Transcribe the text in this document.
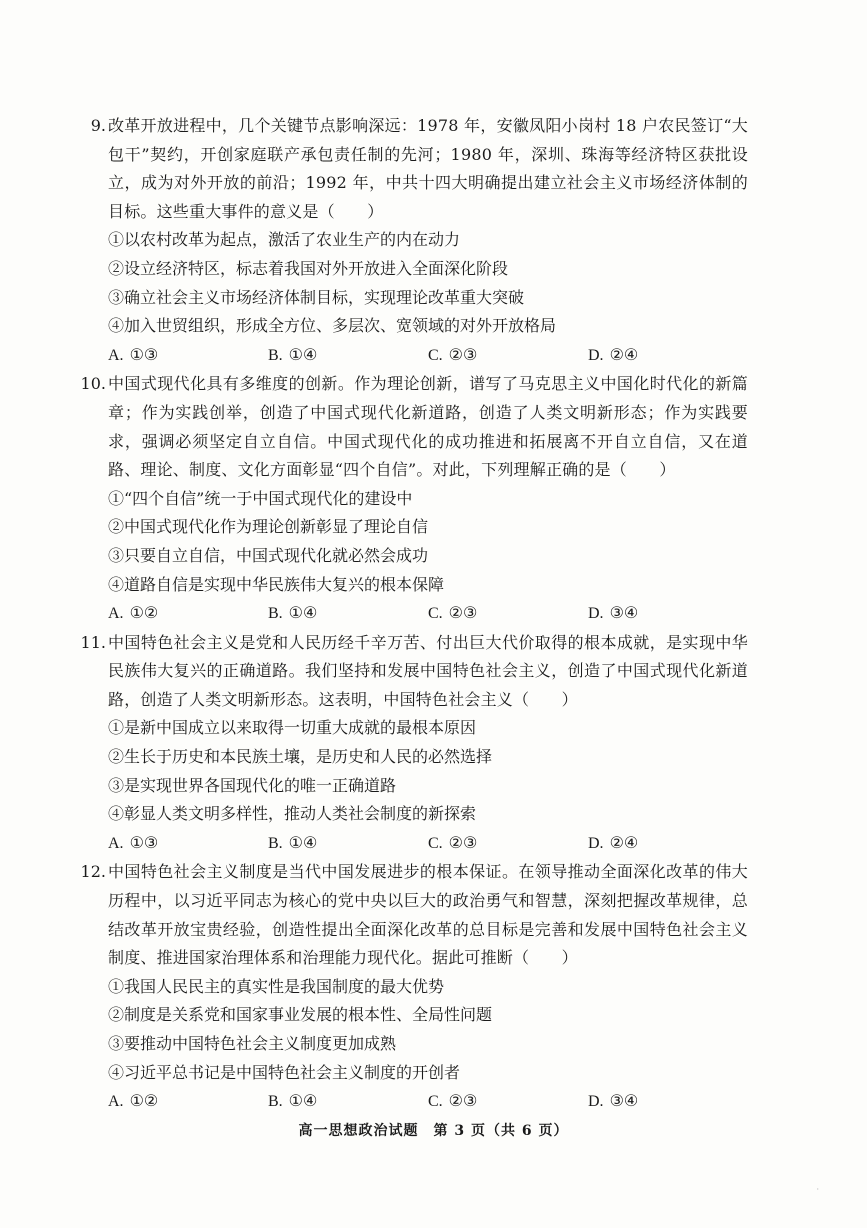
9. 改革开放进程中，几个关键节点影响深远：1978 年，安徽凤阳小岗村 18 户农民签订“大包干”契约，开创家庭联产承包责任制的先河；1980 年，深圳、珠海等经济特区获批设立，成为对外开放的前沿；1992 年，中共十四大明确提出建立社会主义市场经济体制的目标。这些重大事件的意义是（　　）

①以农村改革为起点，激活了农业生产的内在动力
②设立经济特区，标志着我国对外开放进入全面深化阶段
③确立社会主义市场经济体制目标，实现理论改革重大突破
④加入世贸组织，形成全方位、多层次、宽领域的对外开放格局
A. ①③	B. ①④	C. ②③	D. ②④
10. 中国式现代化具有多维度的创新。作为理论创新，谱写了马克思主义中国化时代化的新篇章；作为实践创举，创造了中国式现代化新道路，创造了人类文明新形态；作为实践要求，强调必须坚定自立自信。中国式现代化的成功推进和拓展离不开自立自信，又在道路、理论、制度、文化方面彰显“四个自信”。对此，下列理解正确的是（　　）

①“四个自信”统一于中国式现代化的建设中
②中国式现代化作为理论创新彰显了理论自信
③只要自立自信，中国式现代化就必然会成功
④道路自信是实现中华民族伟大复兴的根本保障
A. ①②	B. ①④	C. ②③	D. ③④
11. 中国特色社会主义是党和人民历经千辛万苦、付出巨大代价取得的根本成就，是实现中华民族伟大复兴的正确道路。我们坚持和发展中国特色社会主义，创造了中国式现代化新道路，创造了人类文明新形态。这表明，中国特色社会主义（　　）

①是新中国成立以来取得一切重大成就的最根本原因
②生长于历史和本民族土壤，是历史和人民的必然选择
③是实现世界各国现代化的唯一正确道路
④彰显人类文明多样性，推动人类社会制度的新探索
A. ①③	B. ①④	C. ②③	D. ②④
12. 中国特色社会主义制度是当代中国发展进步的根本保证。在领导推动全面深化改革的伟大历程中，以习近平同志为核心的党中央以巨大的政治勇气和智慧，深刻把握改革规律，总结改革开放宝贵经验，创造性提出全面深化改革的总目标是完善和发展中国特色社会主义制度、推进国家治理体系和治理能力现代化。据此可推断（　　）

①我国人民民主的真实性是我国制度的最大优势
②制度是关系党和国家事业发展的根本性、全局性问题
③要推动中国特色社会主义制度更加成熟
④习近平总书记是中国特色社会主义制度的开创者
A. ①②	B. ①④	C. ②③	D. ③④
高一思想政治试题　第 3 页（共 6 页）
·
